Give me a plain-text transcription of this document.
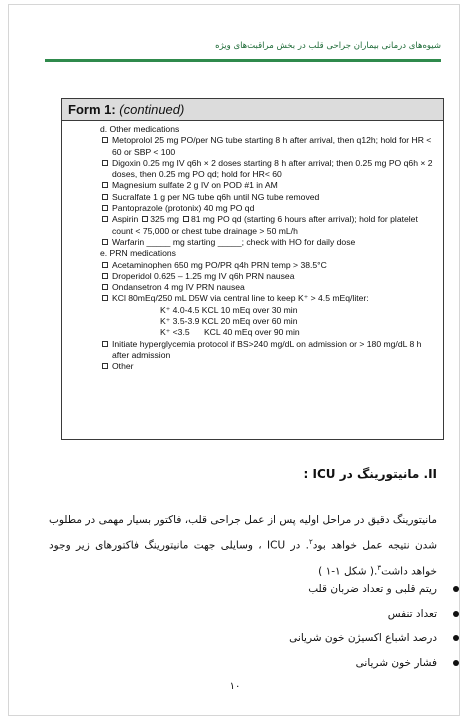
شیوه‌های درمانی بیماران جراحی قلب در بخش مراقبت‌های ویژه
Form 1: (continued)
d. Other medications
Metoprolol 25 mg PO/per NG tube starting 8 h after arrival, then q12h; hold for HR < 60 or SBP < 100
Digoxin 0.25 mg IV q6h × 2 doses starting 8 h after arrival; then 0.25 mg PO q6h × 2 doses, then 0.25 mg PO qd; hold for HR< 60
Magnesium sulfate 2 g IV on POD #1 in AM
Sucralfate 1 g per NG tube q6h until NG tube removed
Pantoprazole (protonix) 40 mg PO qd
Aspirin 325 mg 81 mg PO qd (starting 6 hours after arrival); hold for platelet count < 75,000 or chest tube drainage > 50 mL/h
Warfarin _____ mg starting _____; check with HO for daily dose
e. PRN medications
Acetaminophen 650 mg PO/PR q4h PRN temp > 38.5°C
Droperidol 0.625 – 1.25 mg IV q6h PRN nausea
Ondansetron 4 mg IV PRN nausea
KCl 80mEq/250 mL D5W via central line to keep K⁺ > 4.5 mEq/liter:
K⁺ 4.0-4.5 KCL 10 mEq over 30 min
K⁺ 3.5-3.9 KCL 20 mEq over 60 min
K⁺ <3.5      KCL 40 mEq over 90 min
Initiate hyperglycemia protocol if BS>240 mg/dL on admission or > 180 mg/dL 8 h after admission
Other
II. مانیتورینگ در ICU :
مانیتورینگ دقیق در مراحل اولیه پس از عمل جراحی قلب، فاکتور بسیار مهمی در مطلوب شدن نتیجه عمل خواهد بود$^۲$. در ICU ، وسایلی جهت مانیتورینگ فاکتورهای زیر وجود خواهد داشت$^۳$.( شکل ۱-۱ )
ریتم قلبی و تعداد ضربان قلب
تعداد تنفس
درصد اشباع اکسیژن خون شریانی
فشار خون شریانی
۱۰
